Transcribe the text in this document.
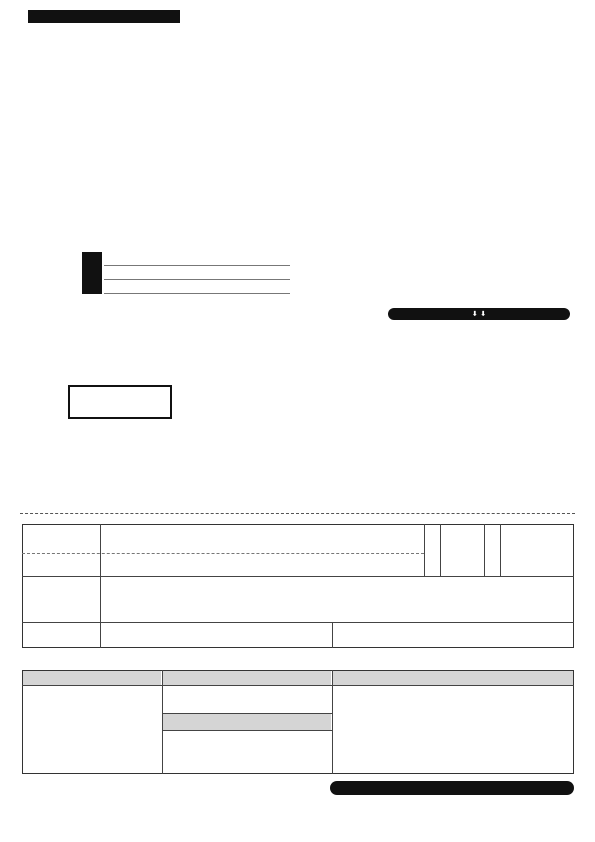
⬇ ⬇
